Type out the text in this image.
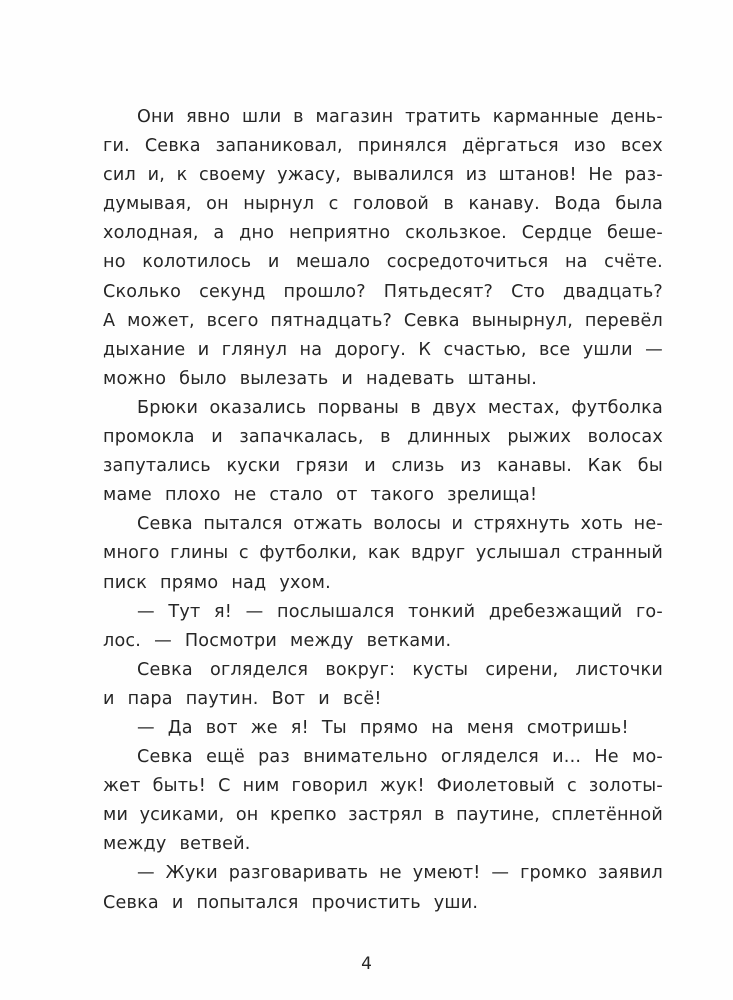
Они явно шли в магазин тратить карманные день-
ги. Севка запаниковал, принялся дёргаться изо всех
сил и, к своему ужасу, вывалился из штанов! Не раз-
думывая, он нырнул с головой в канаву. Вода была
холодная, а дно неприятно скользкое. Сердце беше-
но колотилось и мешало сосредоточиться на счёте.
Сколько секунд прошло? Пятьдесят? Сто двадцать?
А может, всего пятнадцать? Севка вынырнул, перевёл
дыхание и глянул на дорогу. К счастью, все ушли —
можно было вылезать и надевать штаны.
Брюки оказались порваны в двух местах, футболка
промокла и запачкалась, в длинных рыжих волосах
запутались куски грязи и слизь из канавы. Как бы
маме плохо не стало от такого зрелища!
Севка пытался отжать волосы и стряхнуть хоть не-
много глины с футболки, как вдруг услышал странный
писк прямо над ухом.
— Тут я! — послышался тонкий дребезжащий го-
лос. — Посмотри между ветками.
Севка огляделся вокруг: кусты сирени, листочки
и пара паутин. Вот и всё!
— Да вот же я! Ты прямо на меня смотришь!
Севка ещё раз внимательно огляделся и... Не мо-
жет быть! С ним говорил жук! Фиолетовый с золоты-
ми усиками, он крепко застрял в паутине, сплетённой
между ветвей.
— Жуки разговаривать не умеют! — громко заявил
Севка и попытался прочистить уши.
4
